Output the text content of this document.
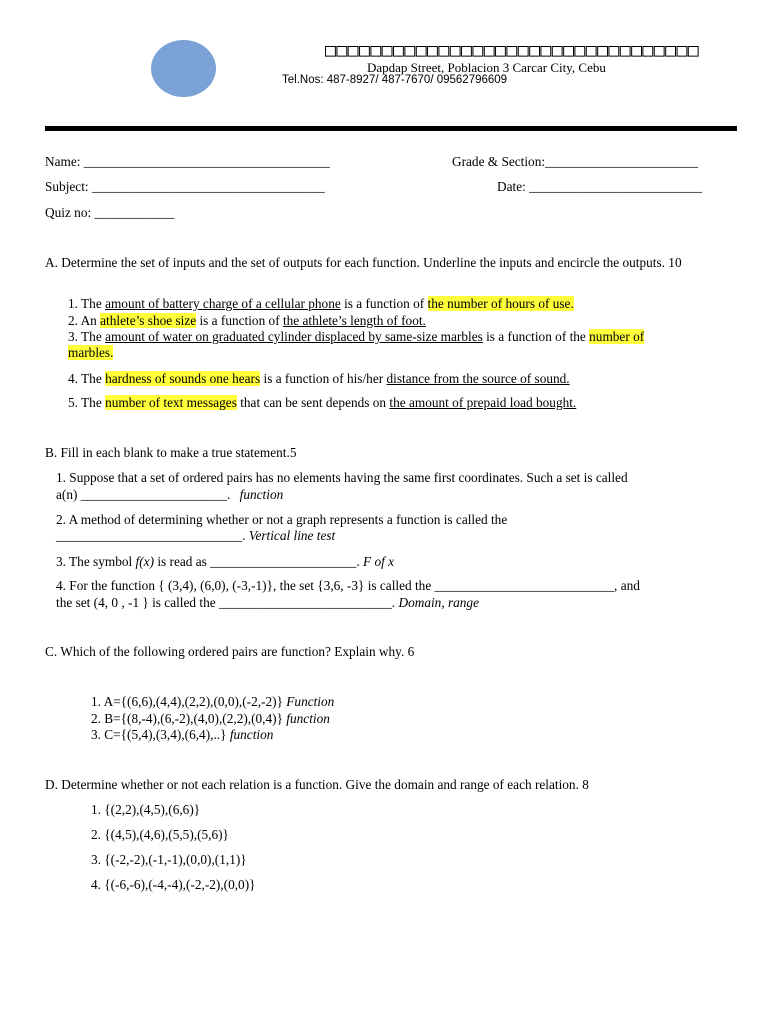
□□□□□□□□□□□□□□□□□□□□□□□□□□□□□□□□□
Dapdap Street, Poblacion 3 Carcar City, Cebu
Tel.Nos: 487-8927/ 487-7670/ 09562796609
Name: _____________________________________	Grade & Section:_______________________
Subject: ___________________________________	Date: __________________________
Quiz no: ____________
A. Determine the set of inputs and the set of outputs for each function. Underline the inputs and encircle the outputs. 10
1. The amount of battery charge of a cellular phone is a function of the number of hours of use.
2. An athlete’s shoe size is a function of the athlete’s length of foot.
3. The amount of water on graduated cylinder displaced by same-size marbles is a function of the number of
marbles.
4. The hardness of sounds one hears is a function of his/her distance from the source of sound.
5. The number of text messages that can be sent depends on the amount of prepaid load bought.
B. Fill in each blank to make a true statement.5
1. Suppose that a set of ordered pairs has no elements having the same first coordinates. Such a set is called
a(n) ______________________. function
2. A method of determining whether or not a graph represents a function is called the
____________________________. Vertical line test
3. The symbol f(x) is read as ______________________. F of x
4. For the function { (3,4), (6,0), (-3,-1)}, the set {3,6, -3} is called the ___________________________, and
the set (4, 0 , -1 } is called the __________________________. Domain, range
C. Which of the following ordered pairs are function? Explain why. 6
1. A={(6,6),(4,4),(2,2),(0,0),(-2,-2)} Function
2. B={(8,-4),(6,-2),(4,0),(2,2),(0,4)} function
3. C={(5,4),(3,4),(6,4),..} function
D. Determine whether or not each relation is a function. Give the domain and range of each relation. 8
1. {(2,2),(4,5),(6,6)}
2. {(4,5),(4,6),(5,5),(5,6)}
3. {(-2,-2),(-1,-1),(0,0),(1,1)}
4. {(-6,-6),(-4,-4),(-2,-2),(0,0)}
